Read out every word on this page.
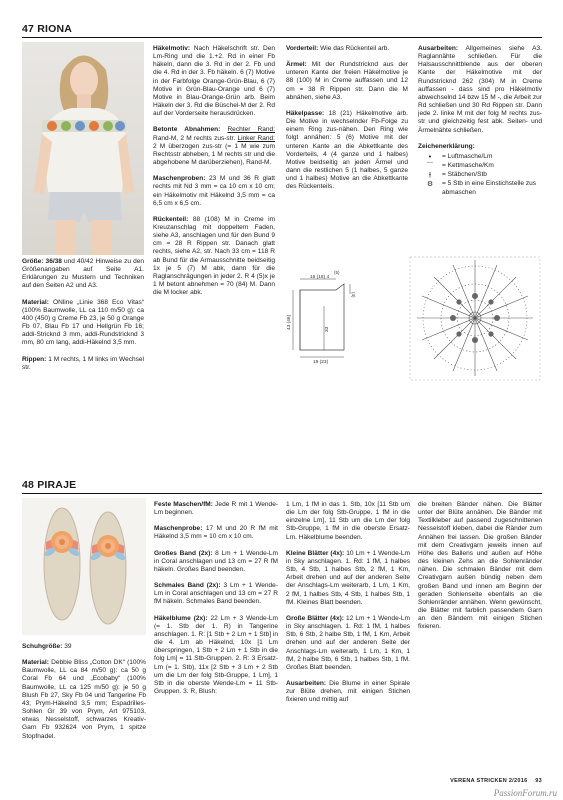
47 RIONA

Größe: 36/38 und 40/42 Hinweise zu den Größenangaben auf Seite A1. Erklärungen zu Mustern und Techniken auf den Seiten A2 und A3.

Material: ONline „Linie 368 Eco Vitas“ (100% Baumwolle, LL ca 110 m/50 g): ca 400 (450) g Creme Fb 23, je 50 g Orange Fb 07, Blau Fb 17 und Hellgrün Fb 16; addi-Stricknd 3 mm, addi-Rundstricknd 3 mm, 80 cm lang, addi-Häkelnd 3,5 mm.

Rippen: 1 M rechts, 1 M links im Wechsel str.

Häkelmotiv: Nach Häkelschrift str. Den Lm-Ring und die 1.+2. Rd in einer Fb häkeln, dann die 3. Rd in der 2. Fb und die 4. Rd in der 3. Fb häkeln. 6 (7) Motive in der Farbfolge Orange-Grün-Blau, 6 (7) Motive in Grün-Blau-Orange und 6 (7) Motive in Blau-Orange-Grün arb. Beim Häkeln der 3. Rd die Büschel-M der 2. Rd auf der Vorderseite herausdrücken.

Betonte Abnahmen: Rechter Rand: Rand-M, 2 M rechts zus-str. Linker Rand: 2 M überzogen zus-str (= 1 M wie zum Rechtsstr abheben, 1 M rechts str und die abgehobene M darüberziehen), Rand-M.

Maschenproben: 23 M und 36 R glatt rechts mit Nd 3 mm = ca 10 cm x 10 cm; ein Häkelmotiv mit Häkelnd 3,5 mm = ca 6,5 cm x 6,5 cm.

Rückenteil: 88 (108) M in Creme im Kreuzanschlag mit doppeltem Faden, siehe A3, anschlagen und für den Bund 9 cm = 28 R Rippen str. Danach glatt rechts, siehe A2, str. Nach 33 cm = 118 R ab Bund für die Armausschnitte beidseitig 1x je 5 (7) M abk, dann für die Raglanschrägungen in jeder 2. R 4 (5)x je 1 M betont abnehmen = 70 (84) M. Dann die M locker abk.

Vorderteil: Wie das Rückenteil arb.

Ärmel: Mit der Rundstricknd aus der unteren Kante der freien Häkelmotive je 88 (100) M in Creme auffassen und 12 cm = 38 R Rippen str. Dann die M abnähen, siehe A3.

Häkelpasse: 18 (21) Häkelmotive arb. Die Motive in wechselnder Fb-Folge zu einem Ring zus-nähen. Den Ring wie folgt annähen: 5 (6) Motive mit der unteren Kante an die Abkettkante des Vorderteils, 4 (4 ganze und 1 halbes) Motive beidseitig an jeden Ärmel und dann die restlichen 5 (1 halbes, 5 ganze und 1 halbes) Motive an die Abkettkante des Rückenteils.

Ausarbeiten: Allgemeines siehe A3. Raglannähte schließen. Für die Halsausschnittblende aus der oberen Kante der Häkelmotive mit der Rundstricknd 262 (304) M in Creme auffassen - dass sind pro Häkelmotiv abwechselnd 14 bzw 15 M -, die Arbeit zur Rd schließen und 30 Rd Rippen str. Dann jede 2. linke M mit der folg M rechts zus-str und gleichzeitig fest abk. Seiten- und Ärmelnähte schließen.

Zeichenerklärung:

•	= Luftmasche/Lm
⌒	= Kettmasche/Km
⫲	= Stäbchen/Stb
⚙	= 5 Stb in eine Einstichstelle zus abmaschen
15 (18) 4
(5)
(4)
43 (46)	33
19 (23)
48 PIRAJE

Schuhgröße: 39

Material: Debbie Bliss „Cotton DK“ (100% Baumwolle, LL ca 84 m/50 g): ca 50 g Coral Fb 64 und „Ecobaby“ (100% Baumwolle, LL ca 125 m/50 g): je 50 g Blush Fb 27, Sky Fb 04 und Tangerine Fb 43; Prym-Häkelnd 3,5 mm; Espadrilles-Sohlen Gr 39 von Prym, Art 975103, etwas Nesselstoff, schwarzes Kreativ-Garn Fb 932624 von Prym, 1 spitze Stopfnadel.

Feste Maschen/fM: Jede R mit 1 Wende-Lm beginnen.

Maschenprobe: 17 M und 20 R fM mit Häkelnd 3,5 mm = 10 cm x 10 cm.

Großes Band (2x): 8 Lm + 1 Wende-Lm in Coral anschlagen und 13 cm = 27 R fM häkeln. Großes Band beenden.

Schmales Band (2x): 3 Lm + 1 Wende-Lm in Coral anschlagen und 13 cm = 27 R fM häkeln. Schmales Band beenden.

Häkelblume (2x): 22 Lm + 3 Wende-Lm (= 1. Stb der 1. R) in Tangerine anschlagen. 1. R: [1 Stb + 2 Lm + 1 Stb] in die 4. Lm ab Häkelnd, 10x [1 Lm überspringen, 1 Stb + 2 Lm + 1 Stb in die folg Lm] = 11 Stb-Gruppen. 2. R: 3 Ersatz-Lm (= 1. Stb), 11x [2 Stb + 3 Lm + 2 Stb um die Lm der folg Stb-Gruppe, 1 Lm], 1 Stb in die oberste Wende-Lm = 11 Stb-Gruppen. 3. R, Blush:

1 Lm, 1 fM in das 1. Stb, 10x [11 Stb um die Lm der folg Stb-Gruppe, 1 fM in die einzelne Lm], 11 Stb um die Lm der folg Stb-Gruppe, 1 fM in die oberste Ersatz-Lm. Häkelblume beenden.

Kleine Blätter (4x): 10 Lm + 1 Wende-Lm in Sky anschlagen. 1. Rd: 1 fM, 1 halbes Stb, 4 Stb, 1 halbes Stb, 2 fM, 1 Km, Arbeit drehen und auf der anderen Seite der Anschlags-Lm weiterarb, 1 Lm, 1 Km, 2 fM, 1 halbes Stb, 4 Stb, 1 halbes Stb, 1 fM. Kleines Blatt beenden.

Große Blätter (4x): 12 Lm + 1 Wende-Lm in Sky anschlagen. 1. Rd: 1 fM, 1 halbes Stb, 6 Stb, 2 halbe Stb, 1 fM, 1 Km, Arbeit drehen und auf der anderen Seite der Anschlags-Lm weiterarb, 1 Lm, 1 Km, 1 fM, 2 halbe Stb, 6 Stb, 1 halbes Stb, 1 fM. Großes Blatt beenden.

Ausarbeiten: Die Blume in einer Spirale zur Blüte drehen, mit einigen Stichen fixieren und mittig auf

die breiten Bänder nähen. Die Blätter unter der Blüte annähen. Die Bänder mit Textilkleber auf passend zugeschnittenen Nesselstoff kleben, dabei die Ränder zum Annähen frei lassen. Die großen Bänder mit dem Creativgarn jeweils innen auf Höhe des Ballens und außen auf Höhe des kleinen Zehs an die Sohlenränder nähen. Die schmalen Bänder mit dem Creativgarn außen bündig neben dem großen Band und innen am Beginn der geraden Sohlenseite ebenfalls an die Sohlenränder annähen. Wenn gewünscht, die Blätter mit farblich passendem Garn an den Bändern mit einigen Stichen fixieren.

VERENA STRICKEN 2/2016 93
PassionForum.ru
